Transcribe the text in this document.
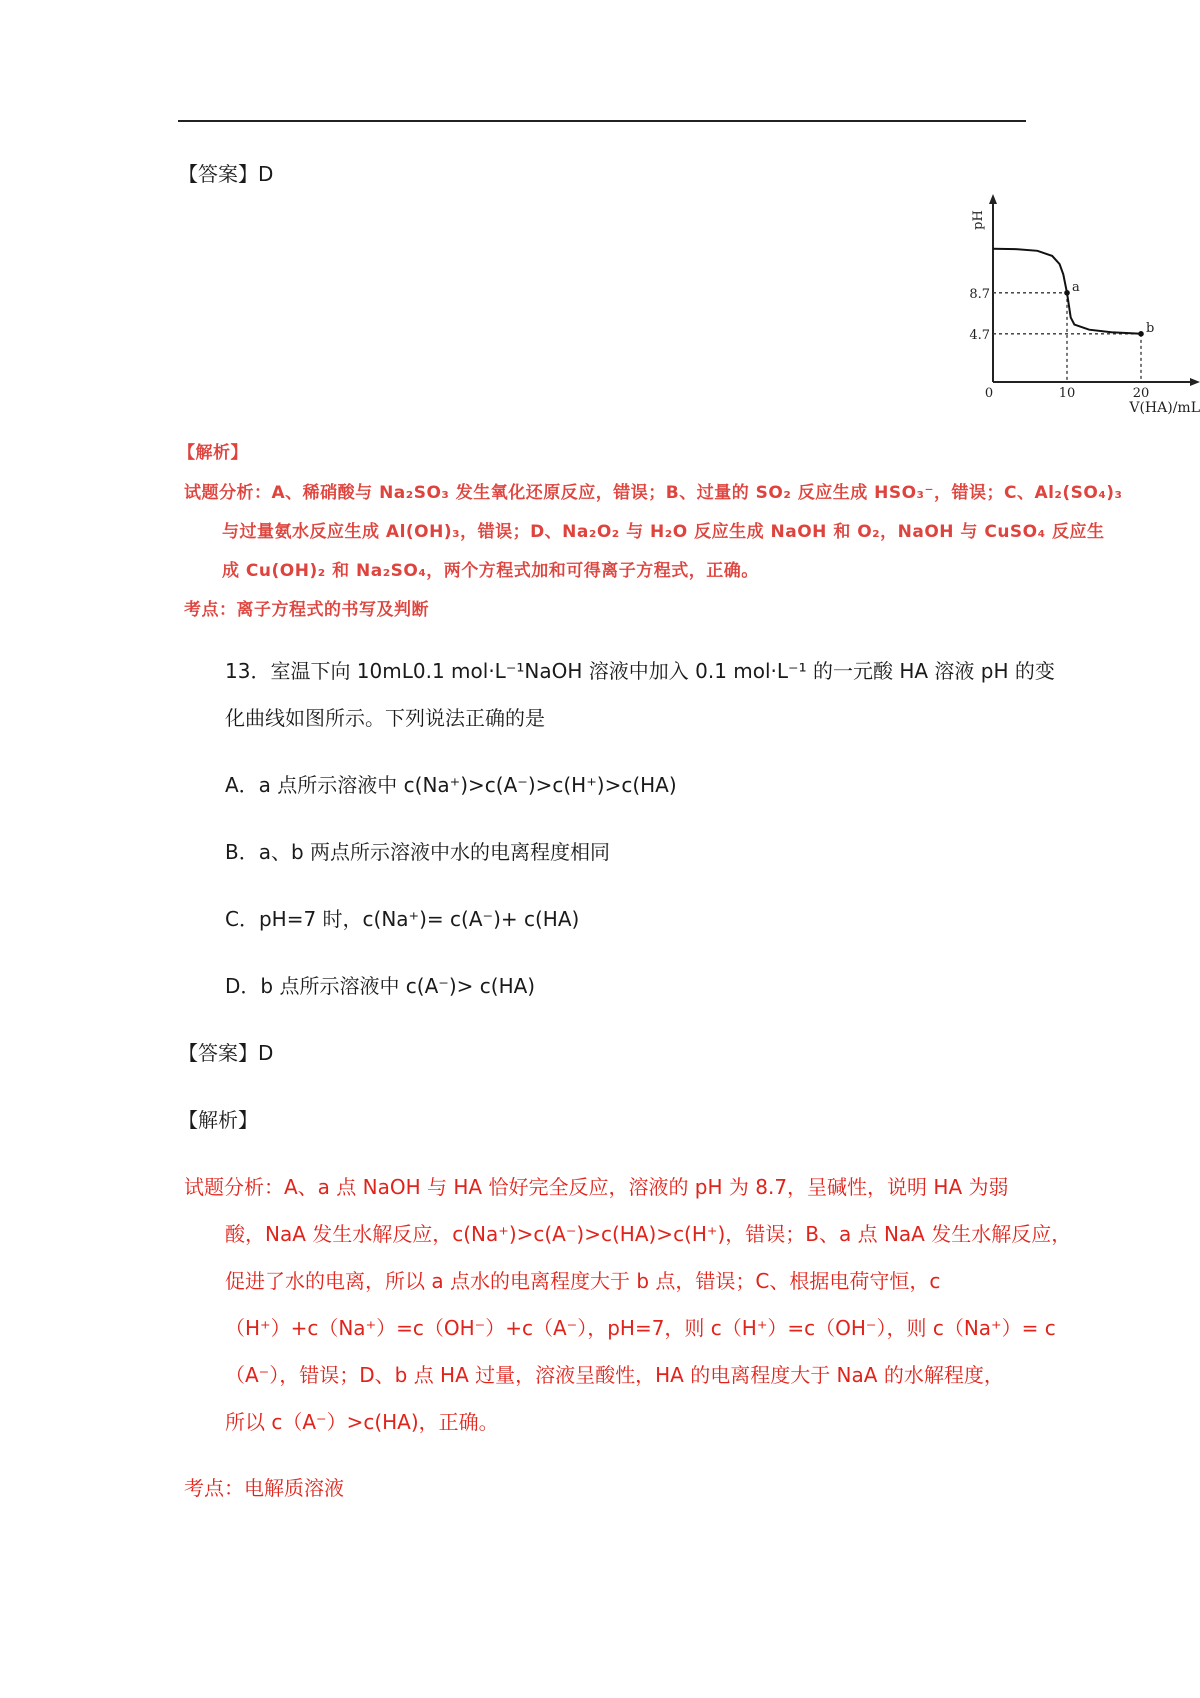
【答案】D
pH
V(HA)/mL
0	10	20
8.7
4.7
a
b
【解析】
试题分析：A、稀硝酸与 Na₂SO₃ 发生氧化还原反应，错误；B、过量的 SO₂ 反应生成 HSO₃⁻，错误；C、Al₂(SO₄)₃
与过量氨水反应生成 Al(OH)₃，错误；D、Na₂O₂ 与 H₂O 反应生成 NaOH 和 O₂，NaOH 与 CuSO₄ 反应生
成 Cu(OH)₂ 和 Na₂SO₄，两个方程式加和可得离子方程式，正确。
考点：离子方程式的书写及判断
13．室温下向 10mL0.1 mol·L⁻¹NaOH 溶液中加入 0.1 mol·L⁻¹ 的一元酸 HA 溶液 pH 的变
化曲线如图所示。下列说法正确的是
A．a 点所示溶液中 c(Na⁺)>c(A⁻)>c(H⁺)>c(HA)
B．a、b 两点所示溶液中水的电离程度相同
C．pH=7 时，c(Na⁺)= c(A⁻)+ c(HA)
D．b 点所示溶液中 c(A⁻)> c(HA)
【答案】D
【解析】
试题分析：A、a 点 NaOH 与 HA 恰好完全反应，溶液的 pH 为 8.7，呈碱性，说明 HA 为弱
酸，NaA 发生水解反应，c(Na⁺)>c(A⁻)>c(HA)>c(H⁺)，错误；B、a 点 NaA 发生水解反应，
促进了水的电离，所以 a 点水的电离程度大于 b 点，错误；C、根据电荷守恒，c
（H⁺）+c（Na⁺）=c（OH⁻）+c（A⁻），pH=7，则 c（H⁺）=c（OH⁻），则 c（Na⁺）= c
（A⁻），错误；D、b 点 HA 过量，溶液呈酸性，HA 的电离程度大于 NaA 的水解程度，
所以 c（A⁻）>c(HA)，正确。
考点：电解质溶液
